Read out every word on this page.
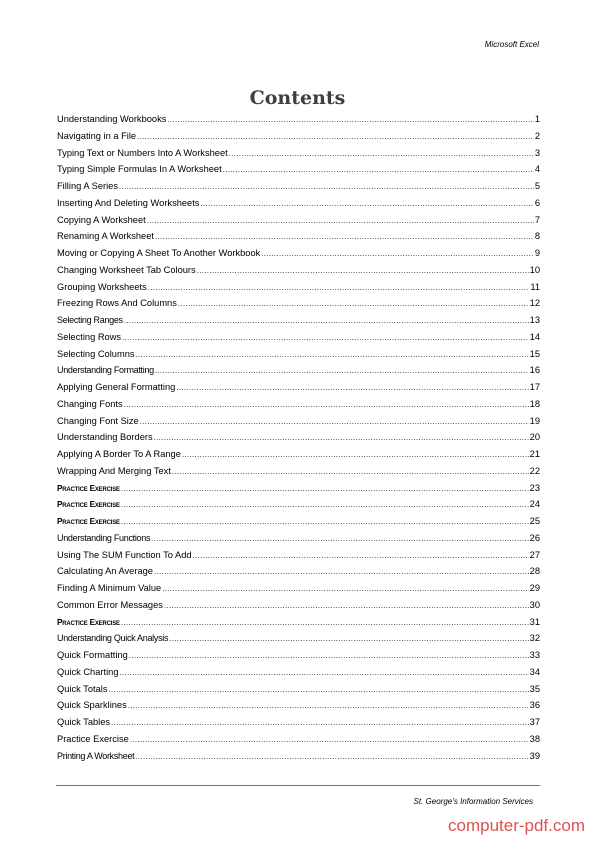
Microsoft Excel
Contents
Understanding Workbooks .....	1
Navigating in a File .....	2
Typing Text or Numbers Into A Worksheet .....	3
Typing Simple Formulas In A Worksheet .....	4
Filling A Series .....	5
Inserting And Deleting Worksheets .....	6
Copying A Worksheet .....	7
Renaming A Worksheet .....	8
Moving or Copying A Sheet To Another Workbook .....	9
Changing Worksheet Tab Colours .....	10
Grouping Worksheets .....	11
Freezing Rows And Columns .....	12
Selecting Ranges .....	13
Selecting Rows .....	14
Selecting Columns .....	15
Understanding Formatting .....	16
Applying General Formatting .....	17
Changing Fonts .....	18
Changing Font Size .....	19
Understanding Borders .....	20
Applying A Border To A Range .....	21
Wrapping And Merging Text .....	22
Practice Exercise .....	23
Practice Exercise .....	24
Practice Exercise .....	25
Understanding Functions .....	26
Using The SUM Function To Add .....	27
Calculating An Average .....	28
Finding A Minimum Value .....	29
Common Error Messages .....	30
Practice Exercise .....	31
Understanding Quick Analysis .....	32
Quick Formatting .....	33
Quick Charting .....	34
Quick Totals .....	35
Quick Sparklines .....	36
Quick Tables .....	37
Practice Exercise .....	38
Printing A Worksheet .....	39
St. George’s Information Services
computer-pdf.com
